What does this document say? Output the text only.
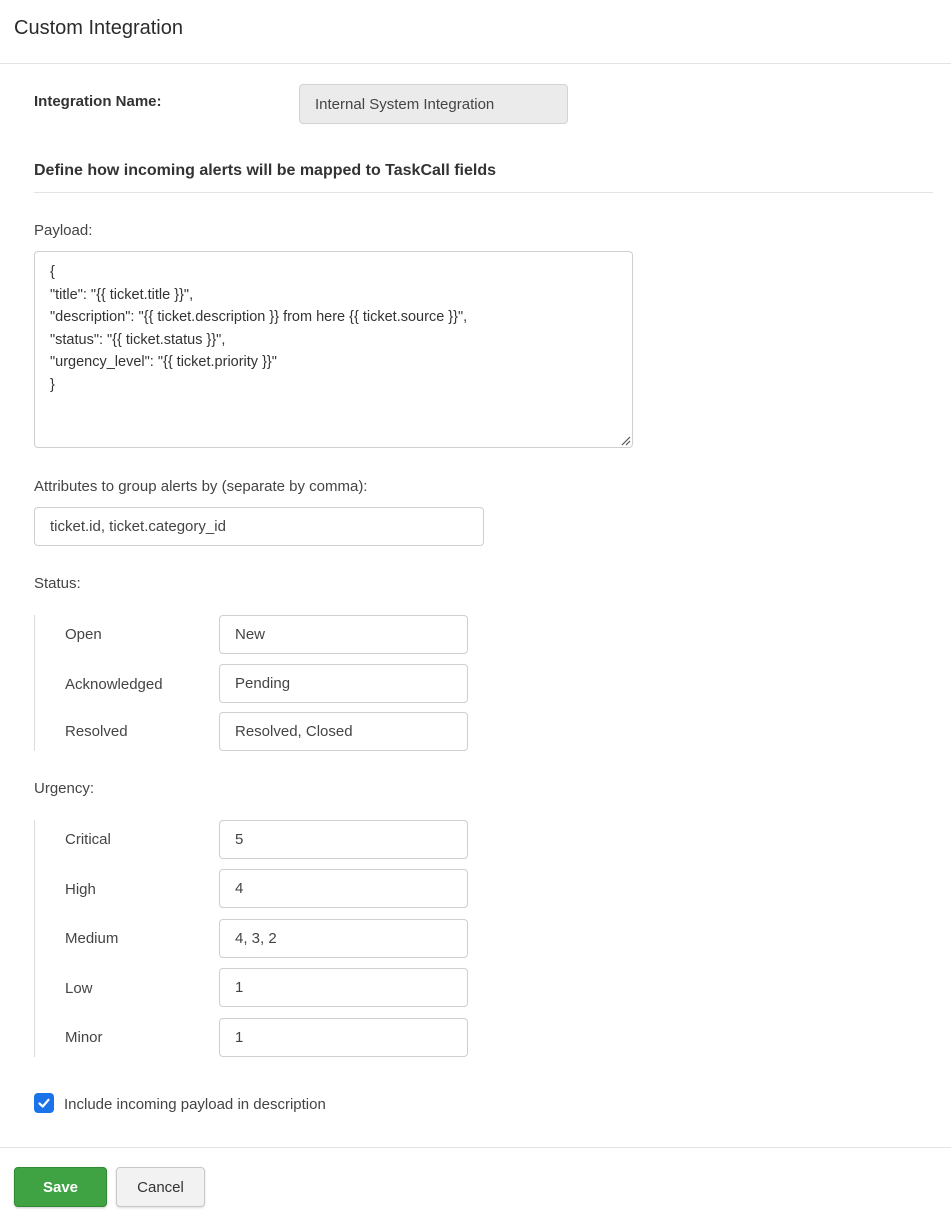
Custom Integration
Integration Name:	Internal System Integration
Define how incoming alerts will be mapped to TaskCall fields
Payload:
{ "title": "{{ ticket.title }}", "description": "{{ ticket.description }} from here {{ ticket.source }}", "status": "{{ ticket.status }}", "urgency_level": "{{ ticket.priority }}" }
Attributes to group alerts by (separate by comma):
ticket.id, ticket.category_id
Status:
Open
New
Acknowledged
Pending
Resolved
Resolved, Closed
Urgency:
Critical
5
High
4
Medium
4, 3, 2
Low
1
Minor
1
Include incoming payload in description
Save	Cancel
